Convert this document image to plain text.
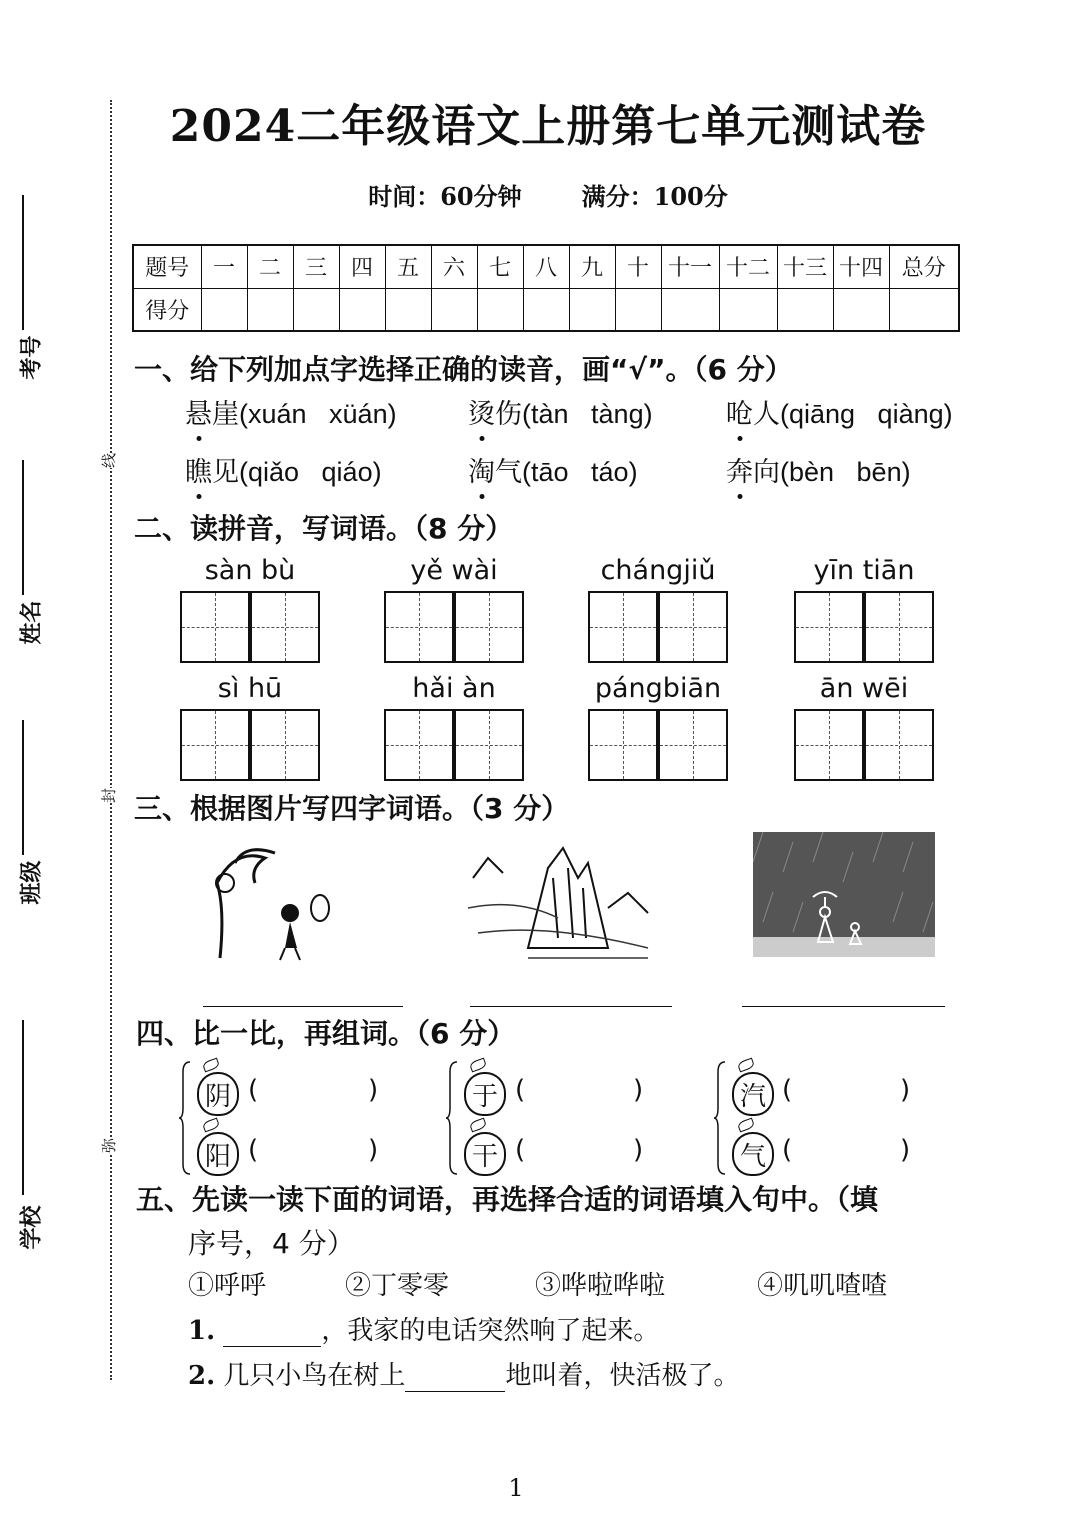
考号
姓名
班级
学校
线
封
弥
2024二年级语文上册第七单元测试卷
时间：60分钟	满分：100分
题号	一	二	三	四	五	六	七	八	九	十	十一	十二	十三	十四	总分
得分															
一、给下列加点字选择正确的读音，画“√”。（6 分）
悬崖(xuán   xüán)	烫伤(tàn   tàng)	呛人(qiāng   qiàng)
瞧见(qiǎo   qiáo)	淘气(tāo   táo)	奔向(bèn   bēn)
二、读拼音，写词语。（8 分）
sàn bù	yě wài	chángjiǔ	yīn tiān
sì hū	hǎi àn	pángbiān	ān wēi
三、根据图片写四字词语。（3 分）
四、比一比，再组词。（6 分）
阴
阳
(	)
(	)
于
干
(	)
(	)
汽
气
(	)
(	)
五、先读一读下面的词语，再选择合适的词语填入句中。（填
序号，4 分）
①呼呼	②丁零零	③哗啦哗啦	④叽叽喳喳
1.	，我家的电话突然响了起来。
2. 几只小鸟在树上	地叫着，快活极了。
1
